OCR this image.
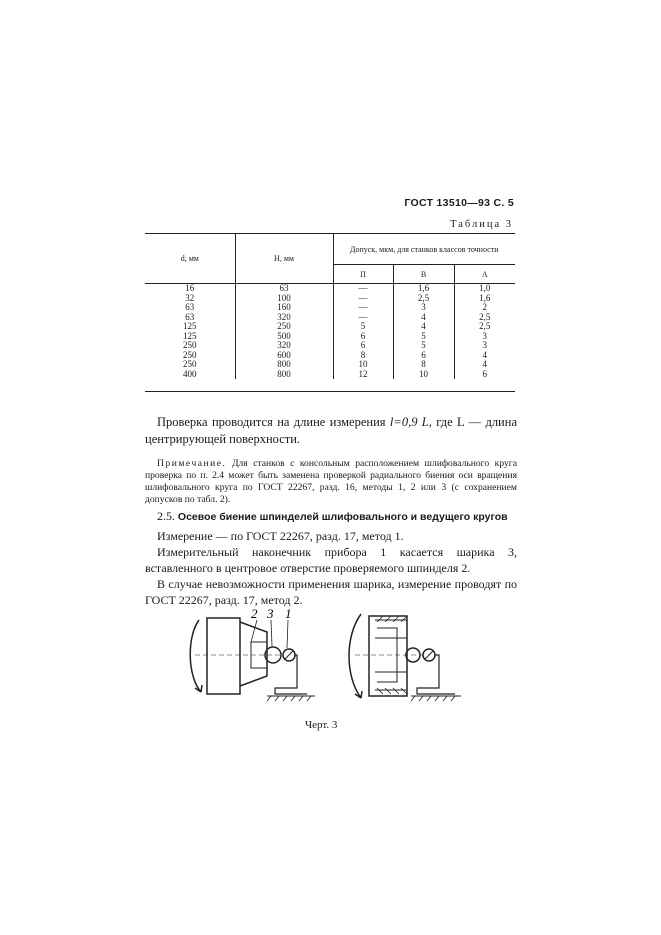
ГОСТ 13510—93 С. 5
Таблица 3
d, мм	H, мм	Допуск, мкм, для станков классов точности		
		П	В	А
16	63	—	1,6	1,0
32	100	—	2,5	1,6
63	160	—	3	2
63	320	—	4	2,5
125	250	5	4	2,5
125	500	6	5	3
250	320	6	5	3
250	600	8	6	4
250	800	10	8	4
400	800	12	10	6
Проверка проводится на длине измерения l=0,9 L, где L — длина центрирующей поверхности.
Примечание. Для станков с консольным расположением шлифовального круга проверка по п. 2.4 может быть заменена проверкой радиального биения оси вращения шлифовального круга по ГОСТ 22267, разд. 16, методы 1, 2 или 3 (с сохранением допусков по табл. 2).
2.5. Осевое биение шпинделей шлифовального и ведущего кругов
Измерение — по ГОСТ 22267, разд. 17, метод 1.
Измерительный наконечник прибора 1 касается шарика 3, вставленного в центровое отверстие проверяемого шпинделя 2.
В случае невозможности применения шарика, измерение проводят по ГОСТ 22267, разд. 17, метод 2.
2 3 1
Черт. 3
